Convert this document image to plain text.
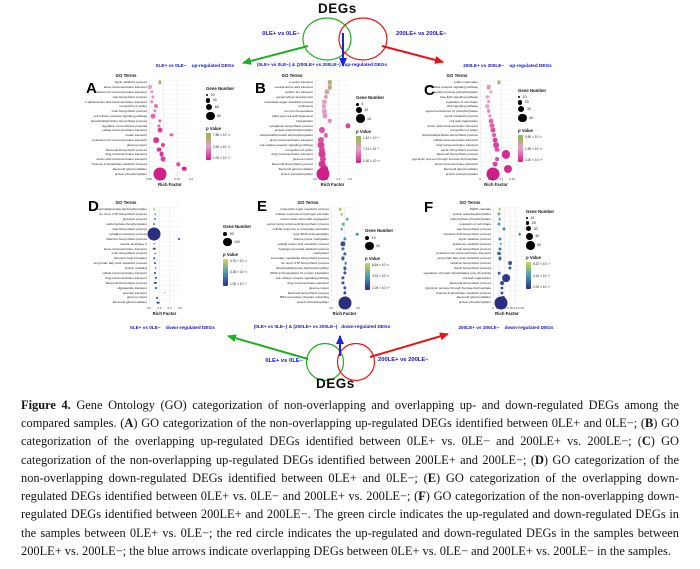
DEGs
0LE+ vs 0LE−	200LE+ vs 200LE−
0LE+ vs 0LE−    up-regulated DEGs	(0LE+ vs 0LE−) & (200LE+ vs 200LE−)   up-regulated DEGs	200LE+ vs 200LE−    up-regulated DEGs
A
GO Terms
lignin catabolic process
anion transmembrane transport
calcium ion transmembrane transport
wax biosynthetic process
L-alpha-amino acid transmembrane transport
recognition of pollen
cutin biosynthetic process
cell surface receptor signaling pathway
phosphatidylcholine biosynthetic process
regulation of membrane potential
sulfate transmembrane transport
ureide transport
potassium ion transmembrane transport
glucose import
flavonoid biosynthetic process
drug transmembrane transport
amino acid transmembrane transport
fructose 6-phosphate metabolic process
flavonoid glucuronidation
protein phosphorylation
0.05	0.1	0.15	0.2
Rich Factor
Gene Number
20
40
60
80
p Value
7.80 × 10⁻¹²
3.90 × 10⁻¹²
1.00 × 10⁻¹⁶
B
GO Terms
L-serine transport
neutral amino acid transport
sodium ion transport
gametophyte development
nucleotide-sugar metabolic process
cytokinesis
iron ion homeostasis
plant-type cell wall biogenesis
transpiration
xyloglucan biosynthetic process
protein autophosphorylation
phosphatidylinositol dephosphorylation
anion transmembrane transport
cell surface receptor signaling pathway
recognition of pollen
drug transmembrane transport
glucose import
flavonoid biosynthetic process
flavonoid glucuronidation
protein phosphorylation
0.0	0.1	0.2	0.3
Rich Factor
Gene Number
5
10
15
p Value
1.42 × 10⁻⁸
7.11 × 10⁻⁹
1.00 × 10⁻¹²
C
GO Terms
pollen maturation
cell surface receptor signaling pathway
peptidyl-tyrosine phosphorylation
blue light signaling pathway
regulation of cell shape
Wnt signaling pathway
signal transduction by phosphorylation
sterol metabolic process
cell wall organization
amino acid transmembrane transport
recognition of pollen
phosphatidylcholine biosynthetic process
sulfate transmembrane transport
drug transmembrane transport
pectin biosynthetic process
flavonoid biosynthetic process
glycolytic process through fructose-6-phosphate
anion transmembrane transport
flavonoid glucuronidation
protein phosphorylation
0 0.05 0.1 0.15
Rich Factor
Gene Number
10
20
30
40
p Value
9.80 × 10⁻¹¹
1.90 × 10⁻¹¹
1.00 × 10⁻¹⁵
D	GO Terms
phosphatidylinositol dephosphorylation
'de novo' CTP biosynthetic process
glycolytic process
carbohydrate phosphorylation
wax biosynthetic process
oxidation-reduction process
thiamine biosynthetic process
meiotic anaphase II
anion transmembrane transport
cutin biosynthetic process
telomeric loop formation
long-chain fatty acid metabolic process
protein refolding
sulfate transmembrane transport
drug transmembrane transport
flavonoid biosynthetic process
oligopeptide transport
arsenite transport
glucose import
flavonoid glucuronidation
0.0 0.2 0.4 0.6
Rich Factor
Gene Number
50
100
p Value
6.70 × 10⁻¹²
3.35 × 10⁻¹²
1.00 × 10⁻¹⁷
E	GO Terms
nucleotide-sugar metabolic process
cellular response to hydrogen peroxide
mitotic sister chromatid segregation
serine family amino acid biosynthetic process
cellular response to phosphate starvation
lysyl-tRNA aminoacylation
histone lysine methylation
cellular amino acid metabolic process
hydrogen peroxide catabolic process
methylation
secondary metabolite biosynthetic process
'de novo' CTP biosynthetic process
phosphatidylinositol dephosphorylation
tRNA aminoacylation for protein translation
cell surface receptor signaling pathway
drug transmembrane transport
glucose import
flavonoid biosynthetic process
RNA secondary structure unwinding
protein phosphorylation
0.0	0.1	0.2
Rich Factor
Gene Number
10
20
p Value
8.64 × 10⁻¹²
4.32 × 10⁻¹²
1.00 × 10⁻¹⁵
F	GO Terms
MAPK cascade
protein autophosphorylation
carbohydrate phosphorylation
regulation of cell shape
wax biosynthetic process
cinnamic acid biosynthetic process
lignin catabolic process
arabinose catabolic process
cutin biosynthetic process
potassium ion transmembrane transport
long-chain fatty acid metabolic process
cellulose biosynthetic process
pectin biosynthetic process
regulation of protein phosphatase type 2A activity
cell wall organization
flavonoid biosynthetic process
glycolytic process through fructose-6-phosphate
fructose 6-phosphate metabolic process
flavonoid glucuronidation
protein phosphorylation
0 0.05 0.1 0.15 0.2 0.25
Rich Factor
Gene Number
10
20
30
40
50
p Value
8.20 × 10⁻¹⁰
4.10 × 10⁻¹⁰
1.00 × 10⁻¹⁴
0LE+ vs 0LE−    down-regulated DEGs	(0LE+ vs 0LE−) & (200LE+ vs 200LE−)   down-regulated DEGs	200LE+ vs 200LE−    down-regulated DEGs
0LE+ vs 0LE−	200LE+ vs 200LE−
DEGs
Figure 4. Gene Ontology (GO) categorization of non-overlapping and overlapping up- and down-regulated DEGs among the compared samples. (A) GO categorization of the non-overlapping up-regulated DEGs identified between 0LE+ and 0LE−; (B) GO categorization of the overlapping up-regulated DEGs identified between 0LE+ vs. 0LE− and 200LE+ vs. 200LE−; (C) GO categorization of the non-overlapping up-regulated DEGs identified between 200LE+ and 200LE−; (D) GO categorization of the non-overlapping down-regulated DEGs identified between 0LE+ and 0LE−; (E) GO categorization of the overlapping down-regulated DEGs identified between 0LE+ vs. 0LE− and 200LE+ vs. 200LE−; (F) GO categorization of the non-overlapping down-regulated DEGs identified between 200LE+ and 200LE−. The green circle indicates the up-regulated and down-regulated DEGs in the samples between 0LE+ vs. 0LE−; the red circle indicates the up-regulated and down-regulated DEGs in the samples between 200LE+ vs. 200LE−; the blue arrows indicate overlapping DEGs between 0LE+ vs. 0LE− and 200LE+ vs. 200LE− in the samples.
